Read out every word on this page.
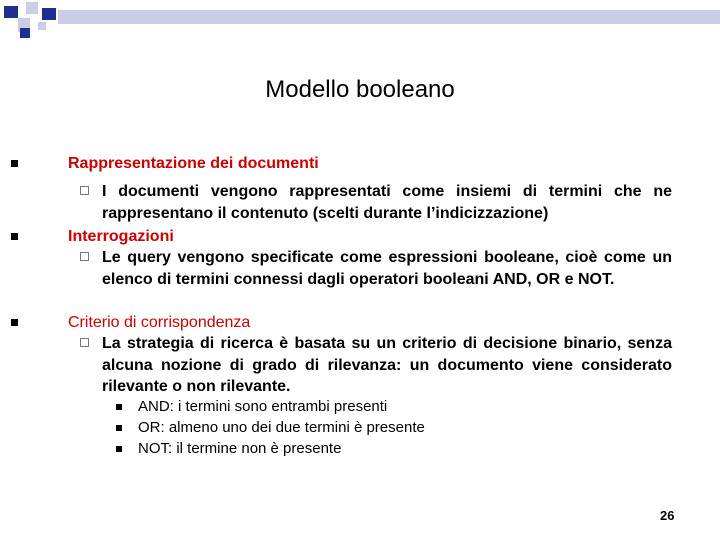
Modello booleano
Rappresentazione dei documenti
I documenti vengono rappresentati come insiemi di termini che ne rappresentano il contenuto (scelti durante l’indicizzazione)
Interrogazioni
Le query vengono specificate come espressioni booleane, cioè come un elenco di termini connessi dagli operatori booleani AND, OR e NOT.
Criterio di corrispondenza
La strategia di ricerca è basata su un criterio di decisione binario, senza alcuna nozione di grado di rilevanza: un documento viene considerato rilevante o non rilevante.
AND: i termini sono entrambi presenti
OR: almeno uno dei due termini è presente
NOT: il termine non è presente
26
